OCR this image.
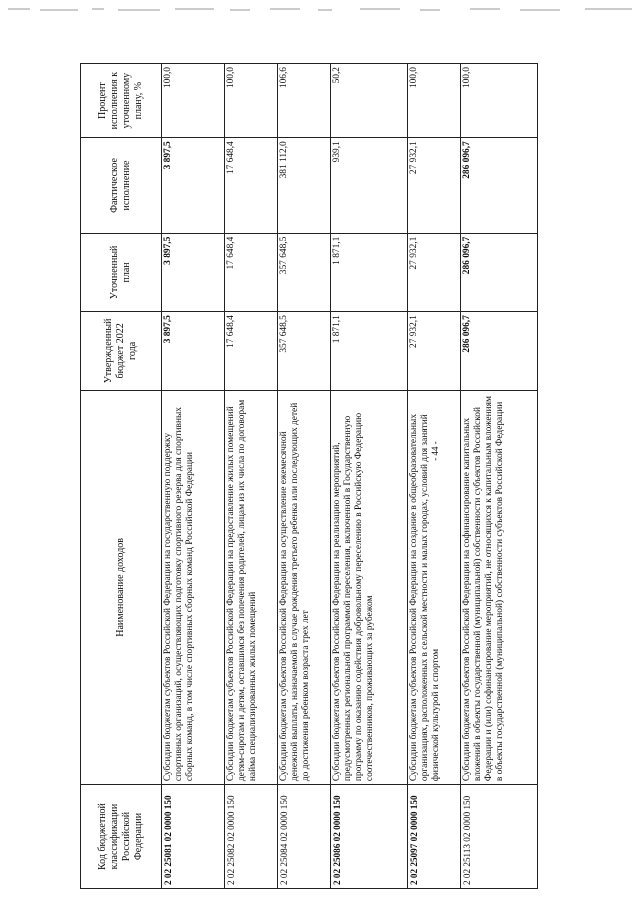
- 44 -
Код бюджетной классификации Российской Федерации	Наименование доходов	Утвержденный бюджет 2022 года	Уточненный план	Фактическое исполнение	Процент исполнения к уточненному плану, %
2 02 25081 02 0000 150	Субсидии бюджетам субъектов Российской Федерации на государственную поддержку спортивных организаций, осуществляющих подготовку спортивного резерва для спортивных сборных команд, в том числе спортивных сборных команд Российской Федерации	3 897,5	3 897,5	3 897,5	100,0
2 02 25082 02 0000 150	Субсидии бюджетам субъектов Российской Федерации на предоставление жилых помещений детям-сиротам и детям, оставшимся без попечения родителей, лицам из их числа по договорам найма специализированных жилых помещений	17 648,4	17 648,4	17 648,4	100,0
2 02 25084 02 0000 150	Субсидии бюджетам субъектов Российской Федерации на осуществление ежемесячной денежной выплаты, назначаемой в случае рождения третьего ребенка или последующих детей до достижения ребенком возраста трех лет	357 648,5	357 648,5	381 112,0	106,6
2 02 25086 02 0000 150	Субсидии бюджетам субъектов Российской Федерации на реализацию мероприятий, предусмотренных региональной программой переселения, включенной в Государственную программу по оказанию содействия добровольному переселению в Российскую Федерацию соотечественников, проживающих за рубежом	1 871,1	1 871,1	939,1	50,2
2 02 25097 02 0000 150	Субсидии бюджетам субъектов Российской Федерации на создание в общеобразовательных организациях, расположенных в сельской местности и малых городах, условий для занятий физической культурой и спортом	27 932,1	27 932,1	27 932,1	100,0
2 02 25113 02 0000 150	Субсидии бюджетам субъектов Российской Федерации на софинансирование капитальных вложений в объекты государственной (муниципальной) собственности субъектов Российской Федерации и (или) софинансирование мероприятий, не относящихся к капитальным вложениям в объекты государственной (муниципальной) собственности субъектов Российской Федерации	286 096,7	286 096,7	286 096,7	100,0
